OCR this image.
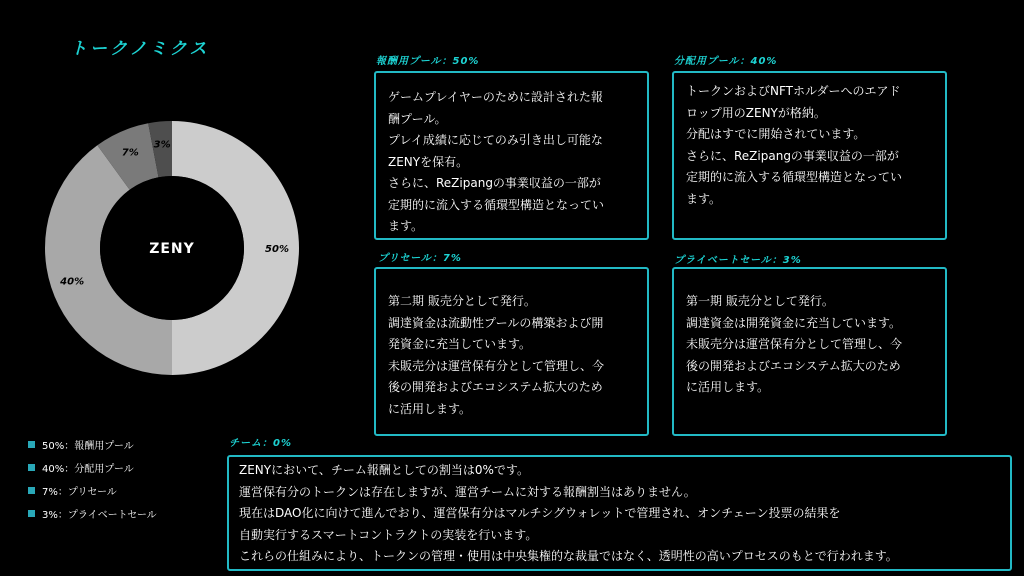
トークノミクス
50%
40%
7%
3%
ZENY
50%：報酬用プール
40%：分配用プール
7%：プリセール
3%：プライベートセール
報酬用プール：50%
ゲームプレイヤーのために設計された報
酬プール。
プレイ成績に応じてのみ引き出し可能な
ZENYを保有。
さらに、ReZipangの事業収益の一部が
定期的に流入する循環型構造となってい
ます。
分配用プール：40%
トークンおよびNFTホルダーへのエアド
ロップ用のZENYが格納。
分配はすでに開始されています。
さらに、ReZipangの事業収益の一部が
定期的に流入する循環型構造となってい
ます。
プリセール：7%
第二期 販売分として発行。
調達資金は流動性プールの構築および開
発資金に充当しています。
未販売分は運営保有分として管理し、今
後の開発およびエコシステム拡大のため
に活用します。
プライベートセール：3%
第一期 販売分として発行。
調達資金は開発資金に充当しています。
未販売分は運営保有分として管理し、今
後の開発およびエコシステム拡大のため
に活用します。
チーム：0%
ZENYにおいて、チーム報酬としての割当は0%です。
運営保有分のトークンは存在しますが、運営チームに対する報酬割当はありません。
現在はDAO化に向けて進んでおり、運営保有分はマルチシグウォレットで管理され、オンチェーン投票の結果を
自動実行するスマートコントラクトの実装を行います。
これらの仕組みにより、トークンの管理・使用は中央集権的な裁量ではなく、透明性の高いプロセスのもとで行われます。
